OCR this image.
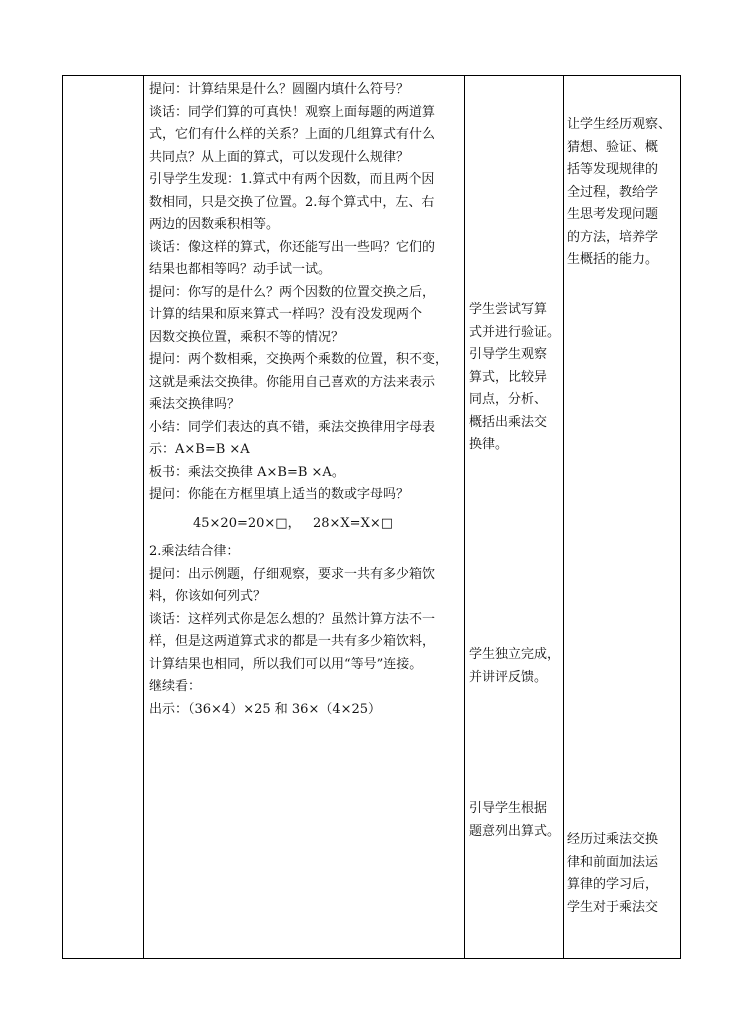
提问：计算结果是什么？圆圈内填什么符号？
谈话：同学们算的可真快！观察上面每题的两道算
式，它们有什么样的关系？上面的几组算式有什么
共同点？从上面的算式，可以发现什么规律？
引导学生发现：1.算式中有两个因数，而且两个因
数相同，只是交换了位置。2.每个算式中，左、右
两边的因数乘积相等。
谈话：像这样的算式，你还能写出一些吗？它们的
结果也都相等吗？动手试一试。
提问：你写的是什么？两个因数的位置交换之后，
计算的结果和原来算式一样吗？没有没发现两个
因数交换位置，乘积不等的情况？
提问：两个数相乘，交换两个乘数的位置，积不变，
这就是乘法交换律。你能用自己喜欢的方法来表示
乘法交换律吗？
小结：同学们表达的真不错，乘法交换律用字母表
示：A×B=B ×A
板书：乘法交换律 A×B=B ×A。
提问：你能在方框里填上适当的数或字母吗？
45×20=20×□，   28×X=X×□
2.乘法结合律：
提问：出示例题，仔细观察，要求一共有多少箱饮
料，你该如何列式？
谈话：这样列式你是怎么想的？虽然计算方法不一
样，但是这两道算式求的都是一共有多少箱饮料，
计算结果也相同，所以我们可以用“等号”连接。
继续看：
出示：（36×4）×25 和 36×（4×25）
学生尝试写算
式并进行验证。
引导学生观察
算式，比较异
同点，分析、
概括出乘法交
换律。
学生独立完成，
并讲评反馈。
引导学生根据
题意列出算式。
让学生经历观察、
猜想、验证、概
括等发现规律的
全过程，教给学
生思考发现问题
的方法，培养学
生概括的能力。
经历过乘法交换
律和前面加法运
算律的学习后，
学生对于乘法交
